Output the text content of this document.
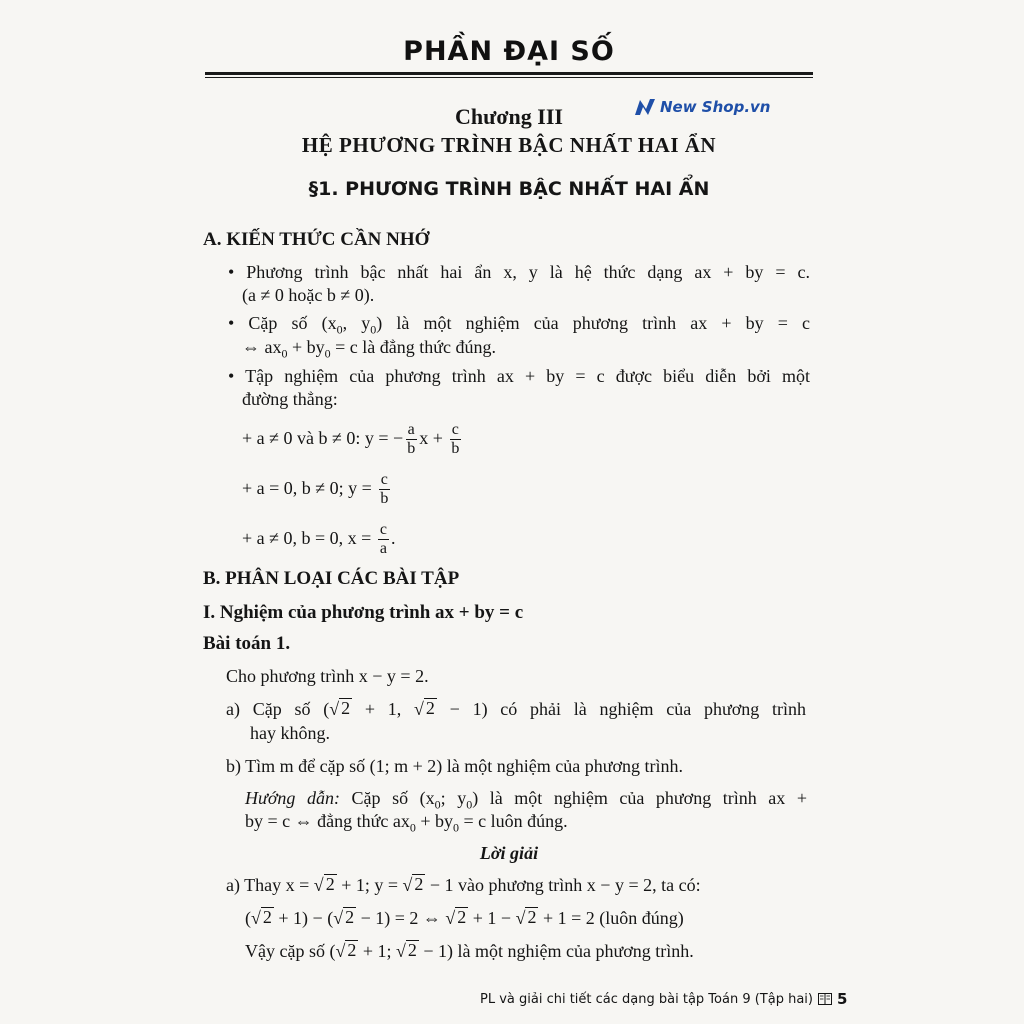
PHẦN ĐẠI SỐ
New Shop.vn
Chương III
HỆ PHƯƠNG TRÌNH BẬC NHẤT HAI ẨN
§1. PHƯƠNG TRÌNH BẬC NHẤT HAI ẨN
A. KIẾN THỨC CẦN NHỚ
• Phương trình bậc nhất hai ẩn x, y là hệ thức dạng ax + by = c.
(a ≠ 0 hoặc b ≠ 0).
• Cặp số ($x_0$, $y_0$) là một nghiệm của phương trình ax + by = c
⇔ $ax_0 + by_0 = c$ là đẳng thức đúng.
• Tập nghiệm của phương trình ax + by = c được biểu diễn bởi một
đường thẳng:
+ a ≠ 0 và b ≠ 0: y = − $\frac{a}{b}$ $x + \frac{c}{b}$
+ a = 0, b ≠ 0; $y = \frac{c}{b}$
+ a ≠ 0, b = 0, $x = \frac{c}{a}$ .
B. PHÂN LOẠI CÁC BÀI TẬP
I. Nghiệm của phương trình ax + by = c
Bài toán 1.
Cho phương trình x − y = 2.
a) Cặp số ( √ 2 + 1, √ 2 − 1) có phải là nghiệm của phương trình
hay không.
b) Tìm m để cặp số (1; m + 2) là một nghiệm của phương trình.
Hướng dẫn: Cặp số ($x_0$; $y_0$) là một nghiệm của phương trình ax +
by = c ⇔ đẳng thức $ax_0 + by_0 = c$ luôn đúng.
Lời giải
a) Thay x = √ 2 + 1; y = √ 2 − 1 vào phương trình x − y = 2, ta có:
( √ 2 + 1) − ( √ 2 − 1) = 2 ⇔ √ 2 + 1 − √ 2 + 1 = 2 (luôn đúng)
Vậy cặp số ( √ 2 + 1; √ 2 − 1) là một nghiệm của phương trình.
PL và giải chi tiết các dạng bài tập Toán 9 (Tập hai) 5
